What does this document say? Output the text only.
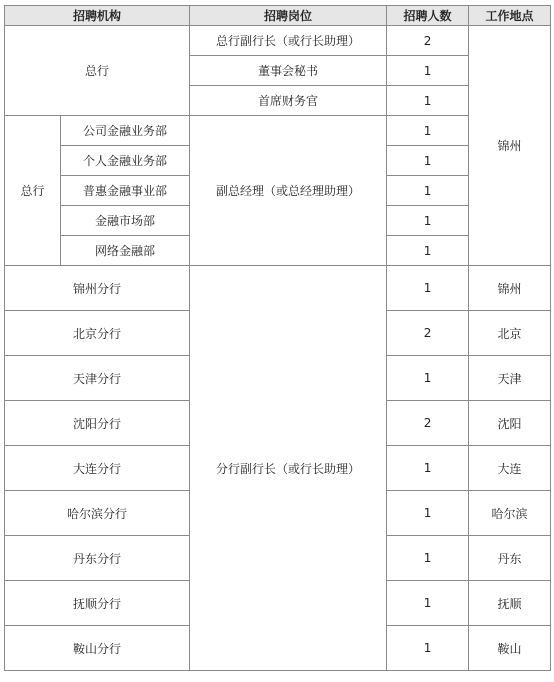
招聘机构		招聘岗位	招聘人数	工作地点
总行		总行副行长（或行长助理）	2	锦州
		董事会秘书	1	
		首席财务官	1	
总行	公司金融业务部	副总经理（或总经理助理）	1	
	个人金融业务部		1	
	普惠金融事业部		1	
	金融市场部		1	
	网络金融部		1	
锦州分行		分行副行长（或行长助理）	1	锦州
北京分行			2	北京
天津分行			1	天津
沈阳分行			2	沈阳
大连分行			1	大连
哈尔滨分行			1	哈尔滨
丹东分行			1	丹东
抚顺分行			1	抚顺
鞍山分行			1	鞍山
